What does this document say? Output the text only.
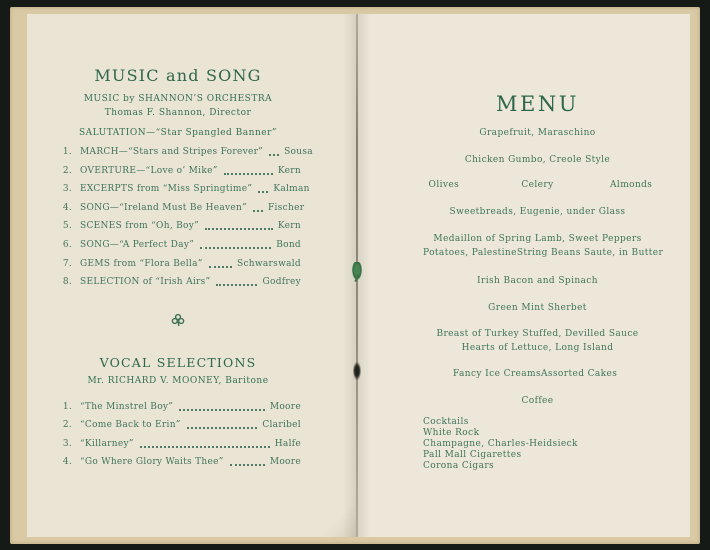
MUSIC and SONG
MUSIC by SHANNON’S ORCHESTRA
Thomas F. Shannon, Director
SALUTATION—“Star Spangled Banner”
1. MARCH—“Stars and Stripes Forever” Sousa
2. OVERTURE—“Love o’ Mike”	Kern
3. EXCERPTS from “Miss Springtime” Kalman
4. SONG—“Ireland Must Be Heaven” Fischer
5. SCENES from “Oh, Boy”	Kern
6. SONG—“A Perfect Day”	Bond
7. GEMS from “Flora Bella”	Schwarswald
8. SELECTION of “Irish Airs”	Godfrey
VOCAL SELECTIONS
Mr. RICHARD V. MOONEY, Baritone
1. “The Minstrel Boy”	Moore
2. “Come Back to Erin”	Claribel
3. “Killarney”	Halfe
4. “Go Where Glory Waits Thee”	Moore
MENU
Grapefruit, Maraschino
Chicken Gumbo, Creole Style
Olives	Celery	Almonds
Sweetbreads, Eugenie, under Glass
Medaillon of Spring Lamb, Sweet Peppers
Potatoes, Palestine String Beans Saute, in Butter
Irish Bacon and Spinach
Green Mint Sherbet
Breast of Turkey Stuffed, Devilled Sauce
Hearts of Lettuce, Long Island
Fancy Ice Creams Assorted Cakes
Coffee
Cocktails
White Rock
Champagne, Charles-Heidsieck
Pall Mall Cigarettes
Corona Cigars
